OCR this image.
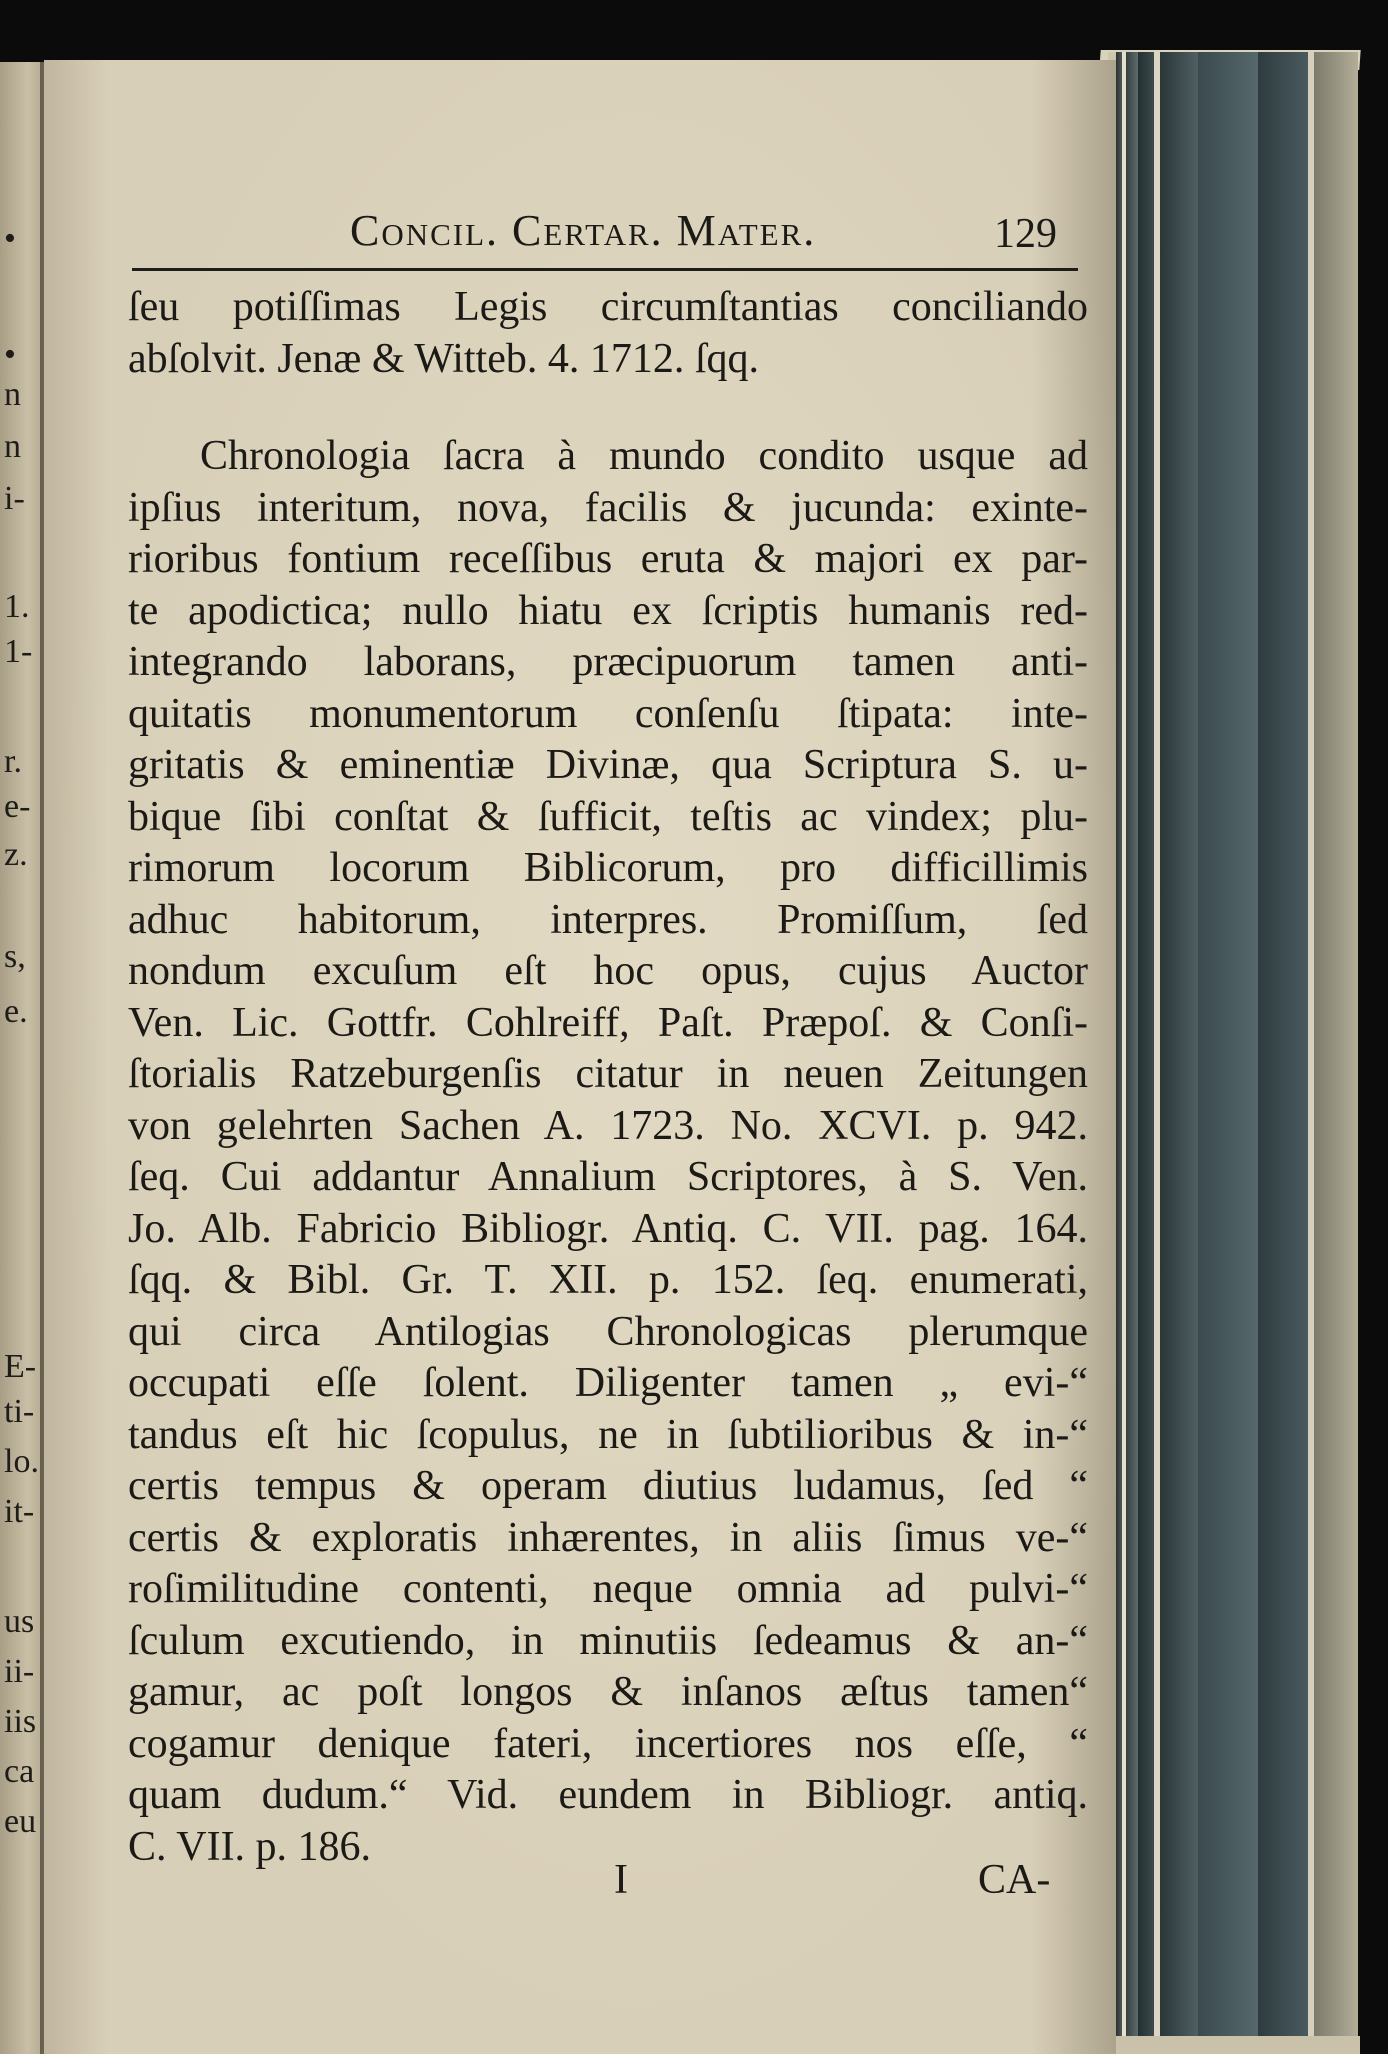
•
•
n
n
i-
1.
1-
r.
e-
z.
s,
e.
E-
ti-
lo.
it-
us
ii-
iis
ca
eu
Concil. Certar. Mater.	129
ſeu potiſſimas Legis circumſtantias conciliando
abſolvit. Jenæ & Witteb. 4. 1712. ſqq.
Chronologia ſacra à mundo condito usque ad
ipſius interitum, nova, facilis & jucunda: exinte-
rioribus fontium receſſibus eruta & majori ex par-
te apodictica; nullo hiatu ex ſcriptis humanis red-
integrando laborans, præcipuorum tamen anti-
quitatis monumentorum conſenſu ſtipata: inte-
gritatis & eminentiæ Divinæ, qua Scriptura S. u-
bique ſibi conſtat & ſufficit, teſtis ac vindex; plu-
rimorum locorum Biblicorum, pro difficillimis
adhuc habitorum, interpres. Promiſſum, ſed
nondum excuſum eſt hoc opus, cujus Auctor
Ven. Lic. Gottfr. Cohlreiff, Paſt. Præpoſ. & Conſi-
ſtorialis Ratzeburgenſis citatur in neuen Zeitungen
von gelehrten Sachen A. 1723. No. XCVI. p. 942.
ſeq. Cui addantur Annalium Scriptores, à S. Ven.
Jo. Alb. Fabricio Bibliogr. Antiq. C. VII. pag. 164.
ſqq. & Bibl. Gr. T. XII. p. 152. ſeq. enumerati,
qui circa Antilogias Chronologicas plerumque
occupati eſſe ſolent. Diligenter tamen „ evi-“
tandus eſt hic ſcopulus, ne in ſubtilioribus & in-“
certis tempus & operam diutius ludamus, ſed “
certis & exploratis inhærentes, in aliis ſimus ve-“
roſimilitudine contenti, neque omnia ad pulvi-“
ſculum excutiendo, in minutiis ſedeamus & an-“
gamur, ac poſt longos & inſanos æſtus tamen“
cogamur denique fateri, incertiores nos eſſe, “
quam dudum.“ Vid. eundem in Bibliogr. antiq.
C. VII. p. 186.
I	CA-
